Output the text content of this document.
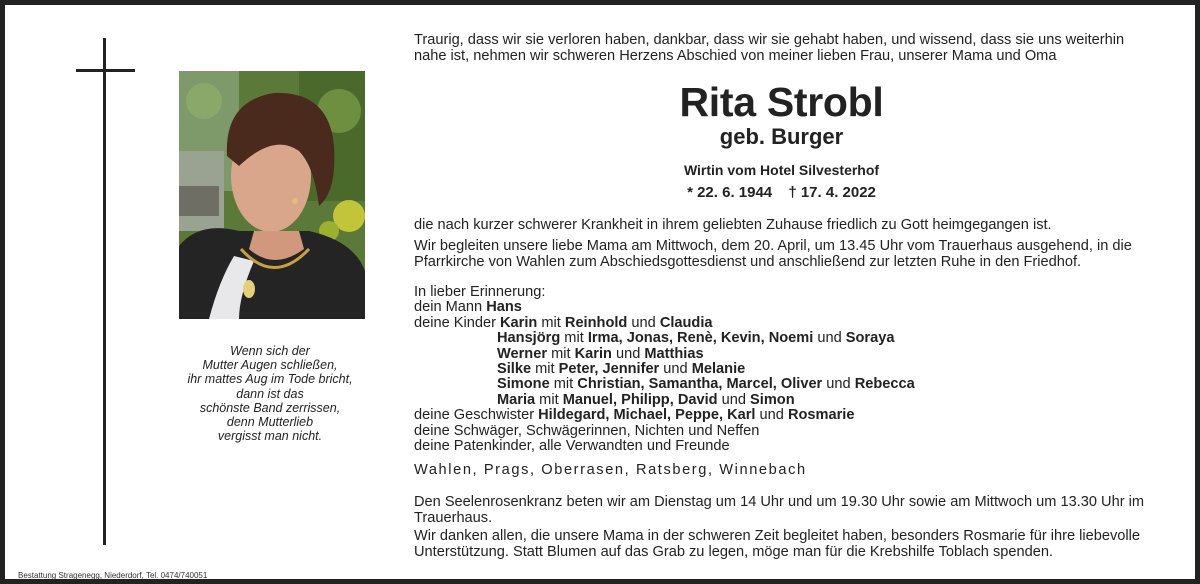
Wenn sich der
Mutter Augen schließen,
ihr mattes Aug im Tode bricht,
dann ist das
schönste Band zerrissen,
denn Mutterlieb
vergisst man nicht.
Bestattung Stragenegg, Niederdorf, Tel. 0474/740051
Traurig, dass wir sie verloren haben, dankbar, dass wir sie gehabt haben, und wissend, dass sie uns weiterhin
nahe ist, nehmen wir schweren Herzens Abschied von meiner lieben Frau, unserer Mama und Oma
Rita Strobl
geb. Burger
Wirtin vom Hotel Silvesterhof
* 22. 6. 1944 † 17. 4. 2022
die nach kurzer schwerer Krankheit in ihrem geliebten Zuhause friedlich zu Gott heimgegangen ist.
Wir begleiten unsere liebe Mama am Mittwoch, dem 20. April, um 13.45 Uhr vom Trauerhaus ausgehend, in die
Pfarrkirche von Wahlen zum Abschiedsgottesdienst und anschließend zur letzten Ruhe in den Friedhof.
In lieber Erinnerung:
dein Mann Hans
deine Kinder Karin mit Reinhold und Claudia
Hansjörg mit Irma, Jonas, Renè, Kevin, Noemi und Soraya
Werner mit Karin und Matthias
Silke mit Peter, Jennifer und Melanie
Simone mit Christian, Samantha, Marcel, Oliver und Rebecca
Maria mit Manuel, Philipp, David und Simon
deine Geschwister Hildegard, Michael, Peppe, Karl und Rosmarie
deine Schwäger, Schwägerinnen, Nichten und Neffen
deine Patenkinder, alle Verwandten und Freunde
Wahlen, Prags, Oberrasen, Ratsberg, Winnebach
Den Seelenrosenkranz beten wir am Dienstag um 14 Uhr und um 19.30 Uhr sowie am Mittwoch um 13.30 Uhr im
Trauerhaus.
Wir danken allen, die unsere Mama in der schweren Zeit begleitet haben, besonders Rosmarie für ihre liebevolle
Unterstützung. Statt Blumen auf das Grab zu legen, möge man für die Krebshilfe Toblach spenden.
